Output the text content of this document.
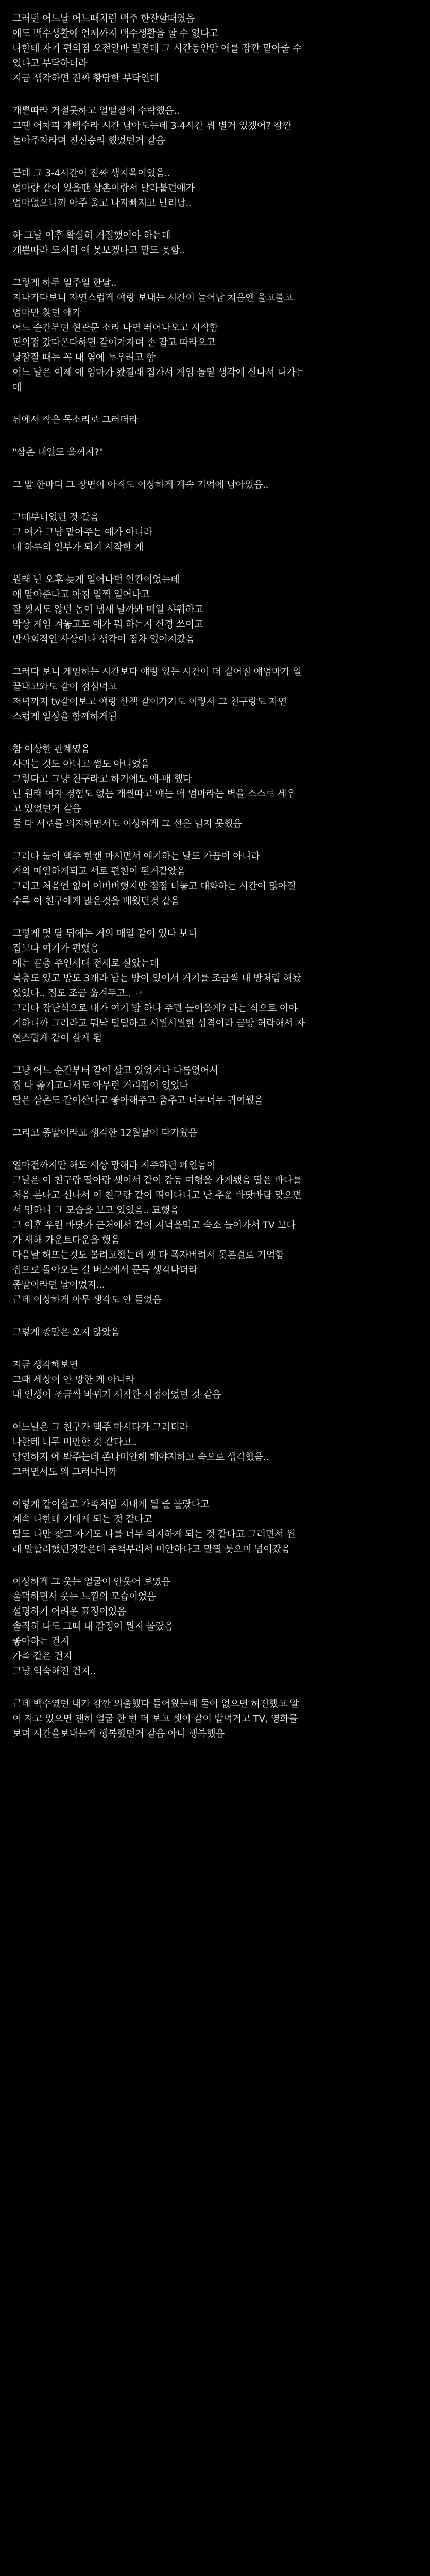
그러던 어느날 어느때처럼 맥주 한잔할때였음
얘도 백수생활에 언제까지 백수생활을 할 수 없다고
나한테 자기 편의점 오전알바 빌견데 그 시간동안만 애를 잠깐 맡아줄 수
있냐고 부탁하더라
지금 생각하면 진짜 황당한 부탁인데
개쁜따라 거절못하고 얼떨결에 수락했음..
그뗀 어차피 개백수라 시간 남아도는데 3-4시간 뭐 별거 있겠어? 잠깐
놀아주자라며 진신승리 했었던거 같음
근데 그 3-4시간이 진짜 생지옥이었음..
엄마랑 같이 있을땐 삼촌이랑서 달라붙던애가
엄마없으니까 아주 울고 나자빠지고 난리남..
하 그날 이후 확실히 거절했어야 하는데
개쁜따라 도저히 애 못보겠다고 말도 못함..
그렇게 하루 일주일 한달..
지나가다보니 자연스럽게 얘랑 보내는 시간이 늘어남 처음엔 울고불고
엄마만 찾던 애가
어느 순간부턴 현관문 소리 나면 뛰어나오고 시작함
편의점 갔다온다하면 같이가자며 손 잡고 따라오고
낮잠잘 때는 꼭 내 옆에 누우려고 함
어느 날은 이제 애 엄마가 왔길래 집가서 게임 돌릴 생각에 신나서 나가는
데
뒤에서 작은 목소리로 그러더라
"삼촌 내일도 올꺼지?"
그 말 한마디 그 장면이 아직도 이상하게 계속 기억에 남아있음..
그때부터였던 것 같음
그 애가 그냥 맡아주는 애가 아니라
내 하루의 일부가 되기 시작한 게
원래 난 오후 늦게 일어나던 인간이었는데
애 맡아준다고 아침 일찍 일어나고
잘 씻지도 않던 놈이 냄새 날까봐 매일 샤워하고
막상 게임 켜놓고도 애가 뭐 하는지 신경 쓰이고
반사회적인 사상이나 생각이 점차 없어져갔음
그러다 보니 게임하는 시간보다 얘랑 있는 시간이 더 길어짐 얘엄마가 일
끝내고와도 같이 점심먹고
저녁까지 tv같이보고 얘랑 산책 같이가기도 이렇서 그 친구랑도 자연
스럽게 일상을 함께하게됨
참 이상한 관계였음
사귀는 것도 아니고 썸도 아니었음
그렇다고 그냥 친구라고 하기에도 애-매 했다
난 원래 여자 경험도 없는 개찐따고 얘는 애 엄마라는 벽을 스스로 세우
고 있었던거 같음
둘 다 서로를 의지하면서도 이상하게 그 선은 넘지 못했음
그러다 둘이 맥주 한캔 마시면서 얘기하는 날도 가끔이 아니라
거의 매일하게되고 서로 편친이 된거같았음
그리고 처음엔 없이 어버버했지만 점점 터놓고 대화하는 시간이 많아질
수록 이 친구에게 많은것을 배웠던것 같음
그렇게 몇 달 뒤에는 거의 매일 같이 있다 보니
집보다 여기가 편했음
얘는 끝층 주인세대 전세로 살았는데
복층도 있고 방도 3개라 남는 방이 있어서 거기를 조금씩 내 방처럼 해놨
었었다.. 집도 조금 옮겨두고.. ㅋ
그러다 장난식으로 내가 여기 방 하나 주면 들어올게? 라는 식으로 이야
기하니까 그러라고 뭐낙 털털하고 시원시원한 성격이라 금방 허락해서 자
연스럽게 같이 살게 됨
그냥 어느 순간부터 같이 살고 있었거나 다름없어서
짐 다 옮기고나서도 아무런 거리낌이 없었다
딸은 삼촌도 같이산다고 좋아해주고 춤추고 너무너무 귀여웠음
그리고 종말이라고 생각한 12월달이 다가왔음
얼마전까지만 해도 세상 망해라 저주하던 폐인놈이
그날은 이 친구랑 딸아랑 셋이서 같이 감동 여행을 가게됐음 딸은 바다를
처음 본다고 신나서 이 친구랑 같이 뛰어다니고 난 추운 바닷바람 맞으면
서 멍하니 그 모습을 보고 있었음.. 묘했음
그 이후 우린 바닷가 근처에서 같이 저녁을먹고 숙소 들어가서 TV 보다
가 새해 카운트다운을 했음
다음날 해뜨는것도 볼려고했는데 셋 다 폭자버려서 못본걸로 기억함
집으로 돌아오는 길 버스에서 문득 생각나더라
종말이라던 날이었지...
근데 이상하게 아무 생각도 안 들었음
그렇게 종말은 오지 않았음
지금 생각해보면
그때 세상이 안 망한 게 아니라
내 인생이 조금씩 바뀌기 시작한 시점이었던 것 같음
어느날은 그 친구가 맥주 마시다가 그러더라
나한테 너무 미안한 것 같다고..
당연하지 에 봐주는데 존나미안해 해야지하고 속으로 생각했음..
그러면서도 왜 그러냐니까
이렇게 같이살고 가족처럼 지내게 될 줄 몰랐다고
계속 나한테 기대게 되는 것 같다고
딸도 나만 찾고 자기도 나를 너무 의지하게 되는 것 같다고 그러면서 원
래 말할려했던것같은데 주책부려서 미안하다고 말필 뭇으며 넘어갔음
이상하게 그 웃는 얼굴이 안웃어 보였음
울먹하면서 웃는 느낌의 모습이었음
설명하기 어려운 표정이었음
솔직히 나도 그때 내 감정이 뭔지 몰랐음
좋아하는 건지
가족 같은 건지
그냥 익숙해진 건지..
근데 백수였던 내가 잠깐 외출했다 들어왔는데 둘이 없으면 허전했고 알
이 자고 있으면 괜히 얼굴 한 번 더 보고 셋이 같이 밥먹거고 TV, 영화를
보며 시간을보내는게 행복했던거 같음 아니 행복했음
